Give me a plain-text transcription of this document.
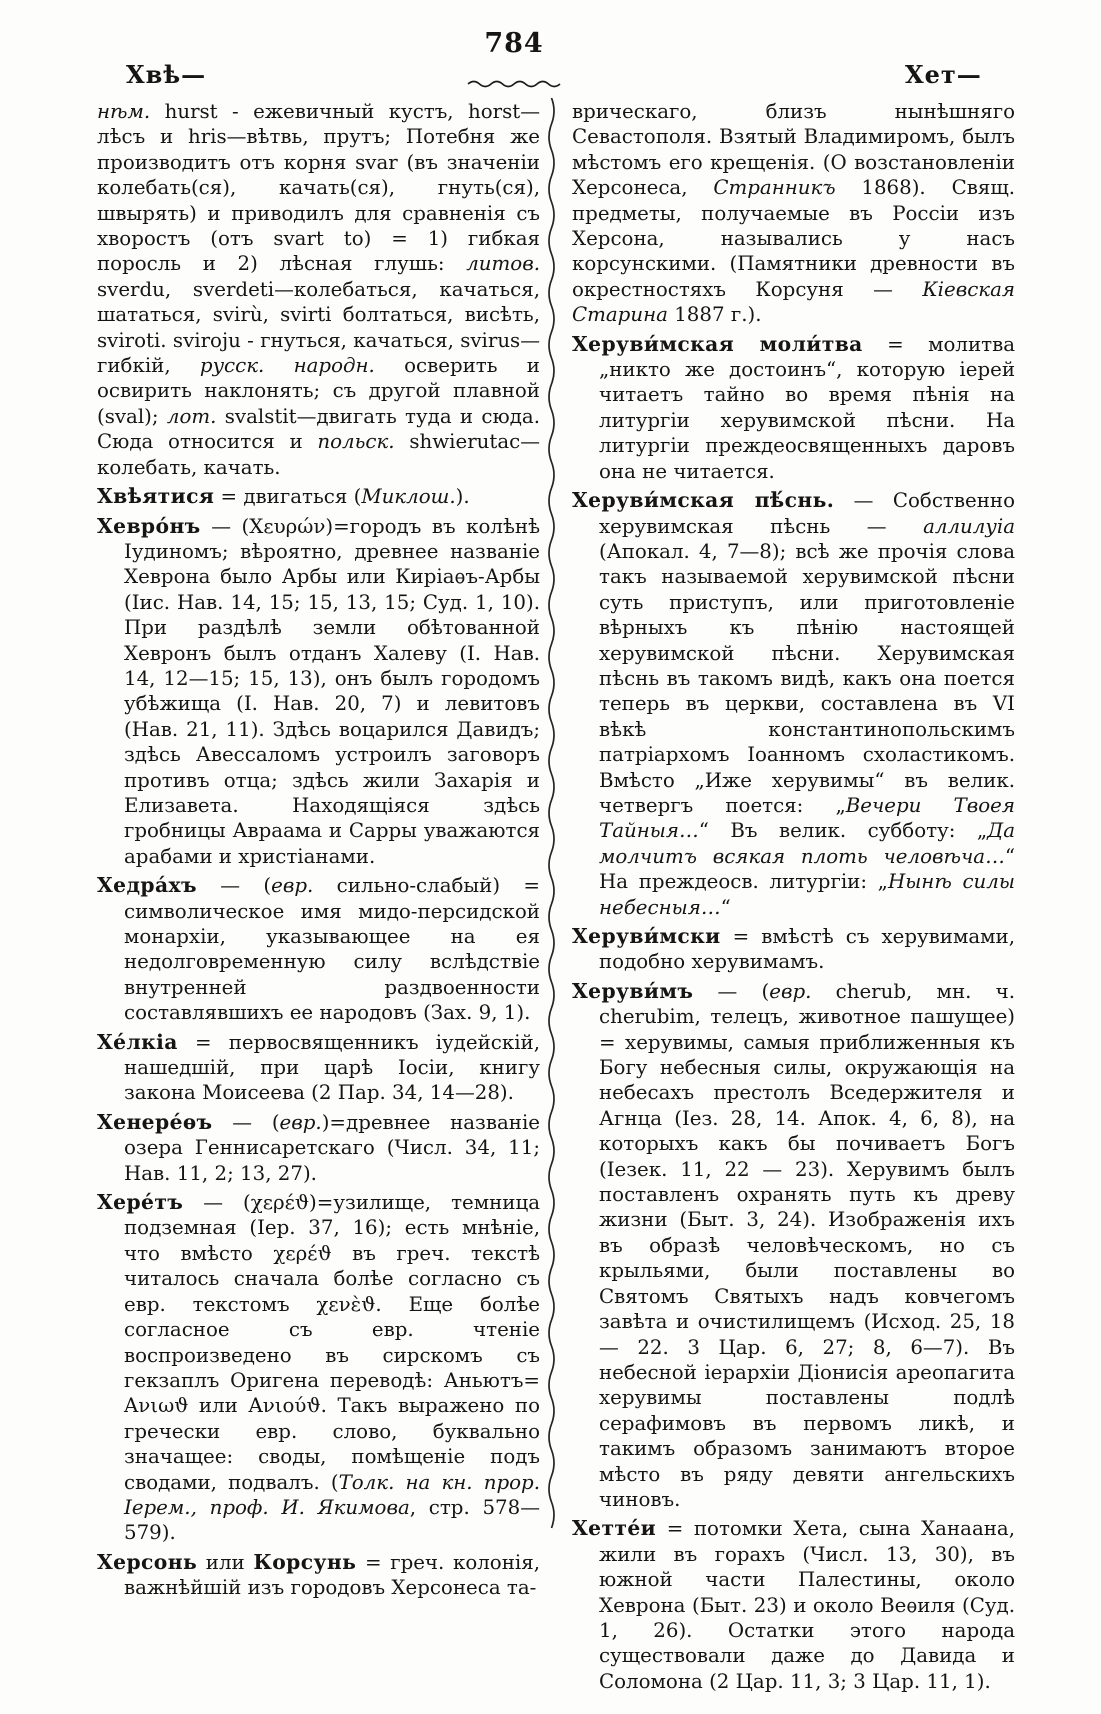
Хвѣ—
784
Хет—

нѣм. hurst - ежевичный кустъ, horst—лѣсъ и hris—вѣтвь, прутъ; Потебня же производитъ отъ корня svar (въ значеніи колебать(ся), качать(ся), гнуть(ся), швырять) и приводилъ для сравненія съ хворостъ (отъ svart to) = 1) гибкая поросль и 2) лѣсная глушь: литов. sverdu, sverdeti—колебаться, качаться, шататься, svirù, svirti болтаться, висѣть, sviroti. sviroju - гнуться, качаться, svirus—гибкій, русск. народн. осверить и освирить наклонять; съ другой плавной (sval); лот. svalstit—двигать туда и сюда. Сюда относится и польск. shwierutac—колебать, качать.

Хвѣятися = двигаться (Миклош.).

Хевро́нъ — (Χευρών)=городъ въ колѣнѣ Іудиномъ; вѣроятно, древнее названіе Хеврона было Арбы или Киріаѳъ-Арбы (Іис. Нав. 14, 15; 15, 13, 15; Суд. 1, 10). При раздѣлѣ земли обѣтованной Хевронъ былъ отданъ Халеву (І. Нав. 14, 12—15; 15, 13), онъ былъ городомъ убѣжища (І. Нав. 20, 7) и левитовъ (Нав. 21, 11). Здѣсь воцарился Давидъ; здѣсь Авессаломъ устроилъ заговоръ противъ отца; здѣсь жили Захарія и Елизавета. Находящіяся здѣсь гробницы Авраама и Сарры уважаются арабами и христіанами.

Хедра́хъ — (евр. сильно-слабый) = символическое имя мидо-персидской монархіи, указывающее на ея недолговременную силу вслѣдствіе внутренней раздвоенности составлявшихъ ее народовъ (Зах. 9, 1).

Хе́лкіа = первосвященникъ іудейскій, нашедшій, при царѣ Іосіи, книгу закона Моисеева (2 Пар. 34, 14—28).

Хенере́ѳъ — (евр.)=древнее названіе озера Геннисаретскаго (Числ. 34, 11; Нав. 11, 2; 13, 27).

Хере́тъ — (χερέϑ)=узилище, темница подземная (Іер. 37, 16); есть мнѣніе, что вмѣсто χερέϑ въ греч. текстѣ читалось сначала болѣе согласно съ евр. текстомъ χενὲϑ. Еще болѣе согласное съ евр. чтеніе воспроизведено въ сирскомъ съ гекзаплъ Оригена переводѣ: Аньютъ= Ανιωϑ или Ανιούϑ. Такъ выражено по гречески евр. слово, буквально значащее: своды, помѣщеніе подъ сводами, подвалъ. (Толк. на кн. прор. Іерем., проф. И. Якимова, стр. 578—579).

Херсонь или Корсунь = греч. колонія, важнѣйшій изъ городовъ Херсонеса та-

врическаго, близъ нынѣшняго Севастополя. Взятый Владимиромъ, былъ мѣстомъ его крещенія. (О возстановленіи Херсонеса, Странникъ 1868). Свящ. предметы, получаемые въ Россіи изъ Херсона, назывались у насъ корсунскими. (Памятники древности въ окрестностяхъ Корсуня — Кіевская Старина 1887 г.).

Херуви́мская моли́тва = молитва „никто же достоинъ“, которую іерей читаетъ тайно во время пѣнія на литургіи херувимской пѣсни. На литургіи преждеосвященныхъ даровъ она не читается.

Херуви́мская пѣ́снь. — Собственно херувимская пѣснь — аллилуіа (Апокал. 4, 7—8); всѣ же прочія слова такъ называемой херувимской пѣсни суть приступъ, или приготовленіе вѣрныхъ къ пѣнію настоящей херувимской пѣсни. Херувимская пѣснь въ такомъ видѣ, какъ она поется теперь въ церкви, составлена въ VI вѣкѣ константинопольскимъ патріархомъ Іоанномъ схоластикомъ. Вмѣсто „Иже херувимы“ въ велик. четвергъ поется: „Вечери Твоея Тайныя…“ Въ велик. субботу: „Да молчитъ всякая плоть человѣча…“ На преждеосв. литургіи: „Нынѣ силы небесныя…“

Херуви́мски = вмѣстѣ съ херувимами, подобно херувимамъ.

Херуви́мъ — (евр. cherub, мн. ч. cherubim, телецъ, животное пашущее) = херувимы, самыя приближенныя къ Богу небесныя силы, окружающія на небесахъ престолъ Вседержителя и Агнца (Іез. 28, 14. Апок. 4, 6, 8), на которыхъ какъ бы почиваетъ Богъ (Іезек. 11, 22 — 23). Херувимъ былъ поставленъ охранять путь къ древу жизни (Быт. 3, 24). Изображенія ихъ въ образѣ человѣческомъ, но съ крыльями, были поставлены во Святомъ Святыхъ надъ ковчегомъ завѣта и очистилищемъ (Исход. 25, 18 — 22. 3 Цар. 6, 27; 8, 6—7). Въ небесной іерархіи Діонисія ареопагита херувимы поставлены подлѣ серафимовъ въ первомъ ликѣ, и такимъ образомъ занимаютъ второе мѣсто въ ряду девяти ангельскихъ чиновъ.

Хетте́и = потомки Хета, сына Ханаана, жили въ горахъ (Числ. 13, 30), въ южной части Палестины, около Хеврона (Быт. 23) и около Веѳиля (Суд. 1, 26). Остатки этого народа существовали даже до Давида и Соломона (2 Цар. 11, 3; 3 Цар. 11, 1).
